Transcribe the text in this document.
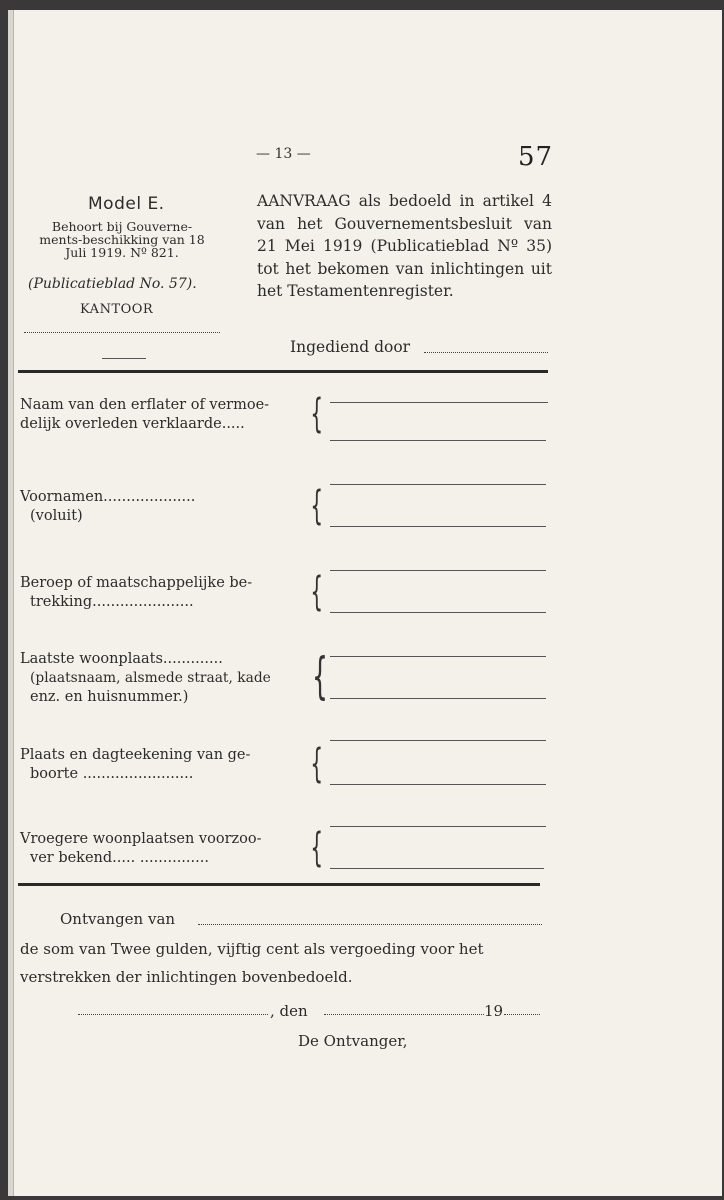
— 13 —	57
Model E.
Behoort bij Gouverne-
ments-beschikking van 18
Juli 1919. Nº 821.
(Publicatieblad No. 57).
KANTOOR
AANVRAAG als bedoeld in artikel 4 van het Gouvernementsbesluit van 21 Mei 1919 (Publicatieblad Nº 35) tot het bekomen van inlichtingen uit het Testamentenregister.
Ingediend door
Naam van den erflater of vermoe-
delijk overleden verklaarde.....	{
Voornamen....................
(voluit)	{
Beroep of maatschappelijke be-
trekking......................	{
Laatste woonplaats.............
(plaatsnaam, alsmede straat, kade
enz. en huisnummer.)	{
Plaats en dagteekening van ge-
boorte ........................	{
Vroegere woonplaatsen voorzoo-
ver bekend..... ...............	{
Ontvangen van
de som van Twee gulden, vijftig cent als vergoeding voor het
verstrekken der inlichtingen bovenbedoeld.
, den	19
De Ontvanger,
